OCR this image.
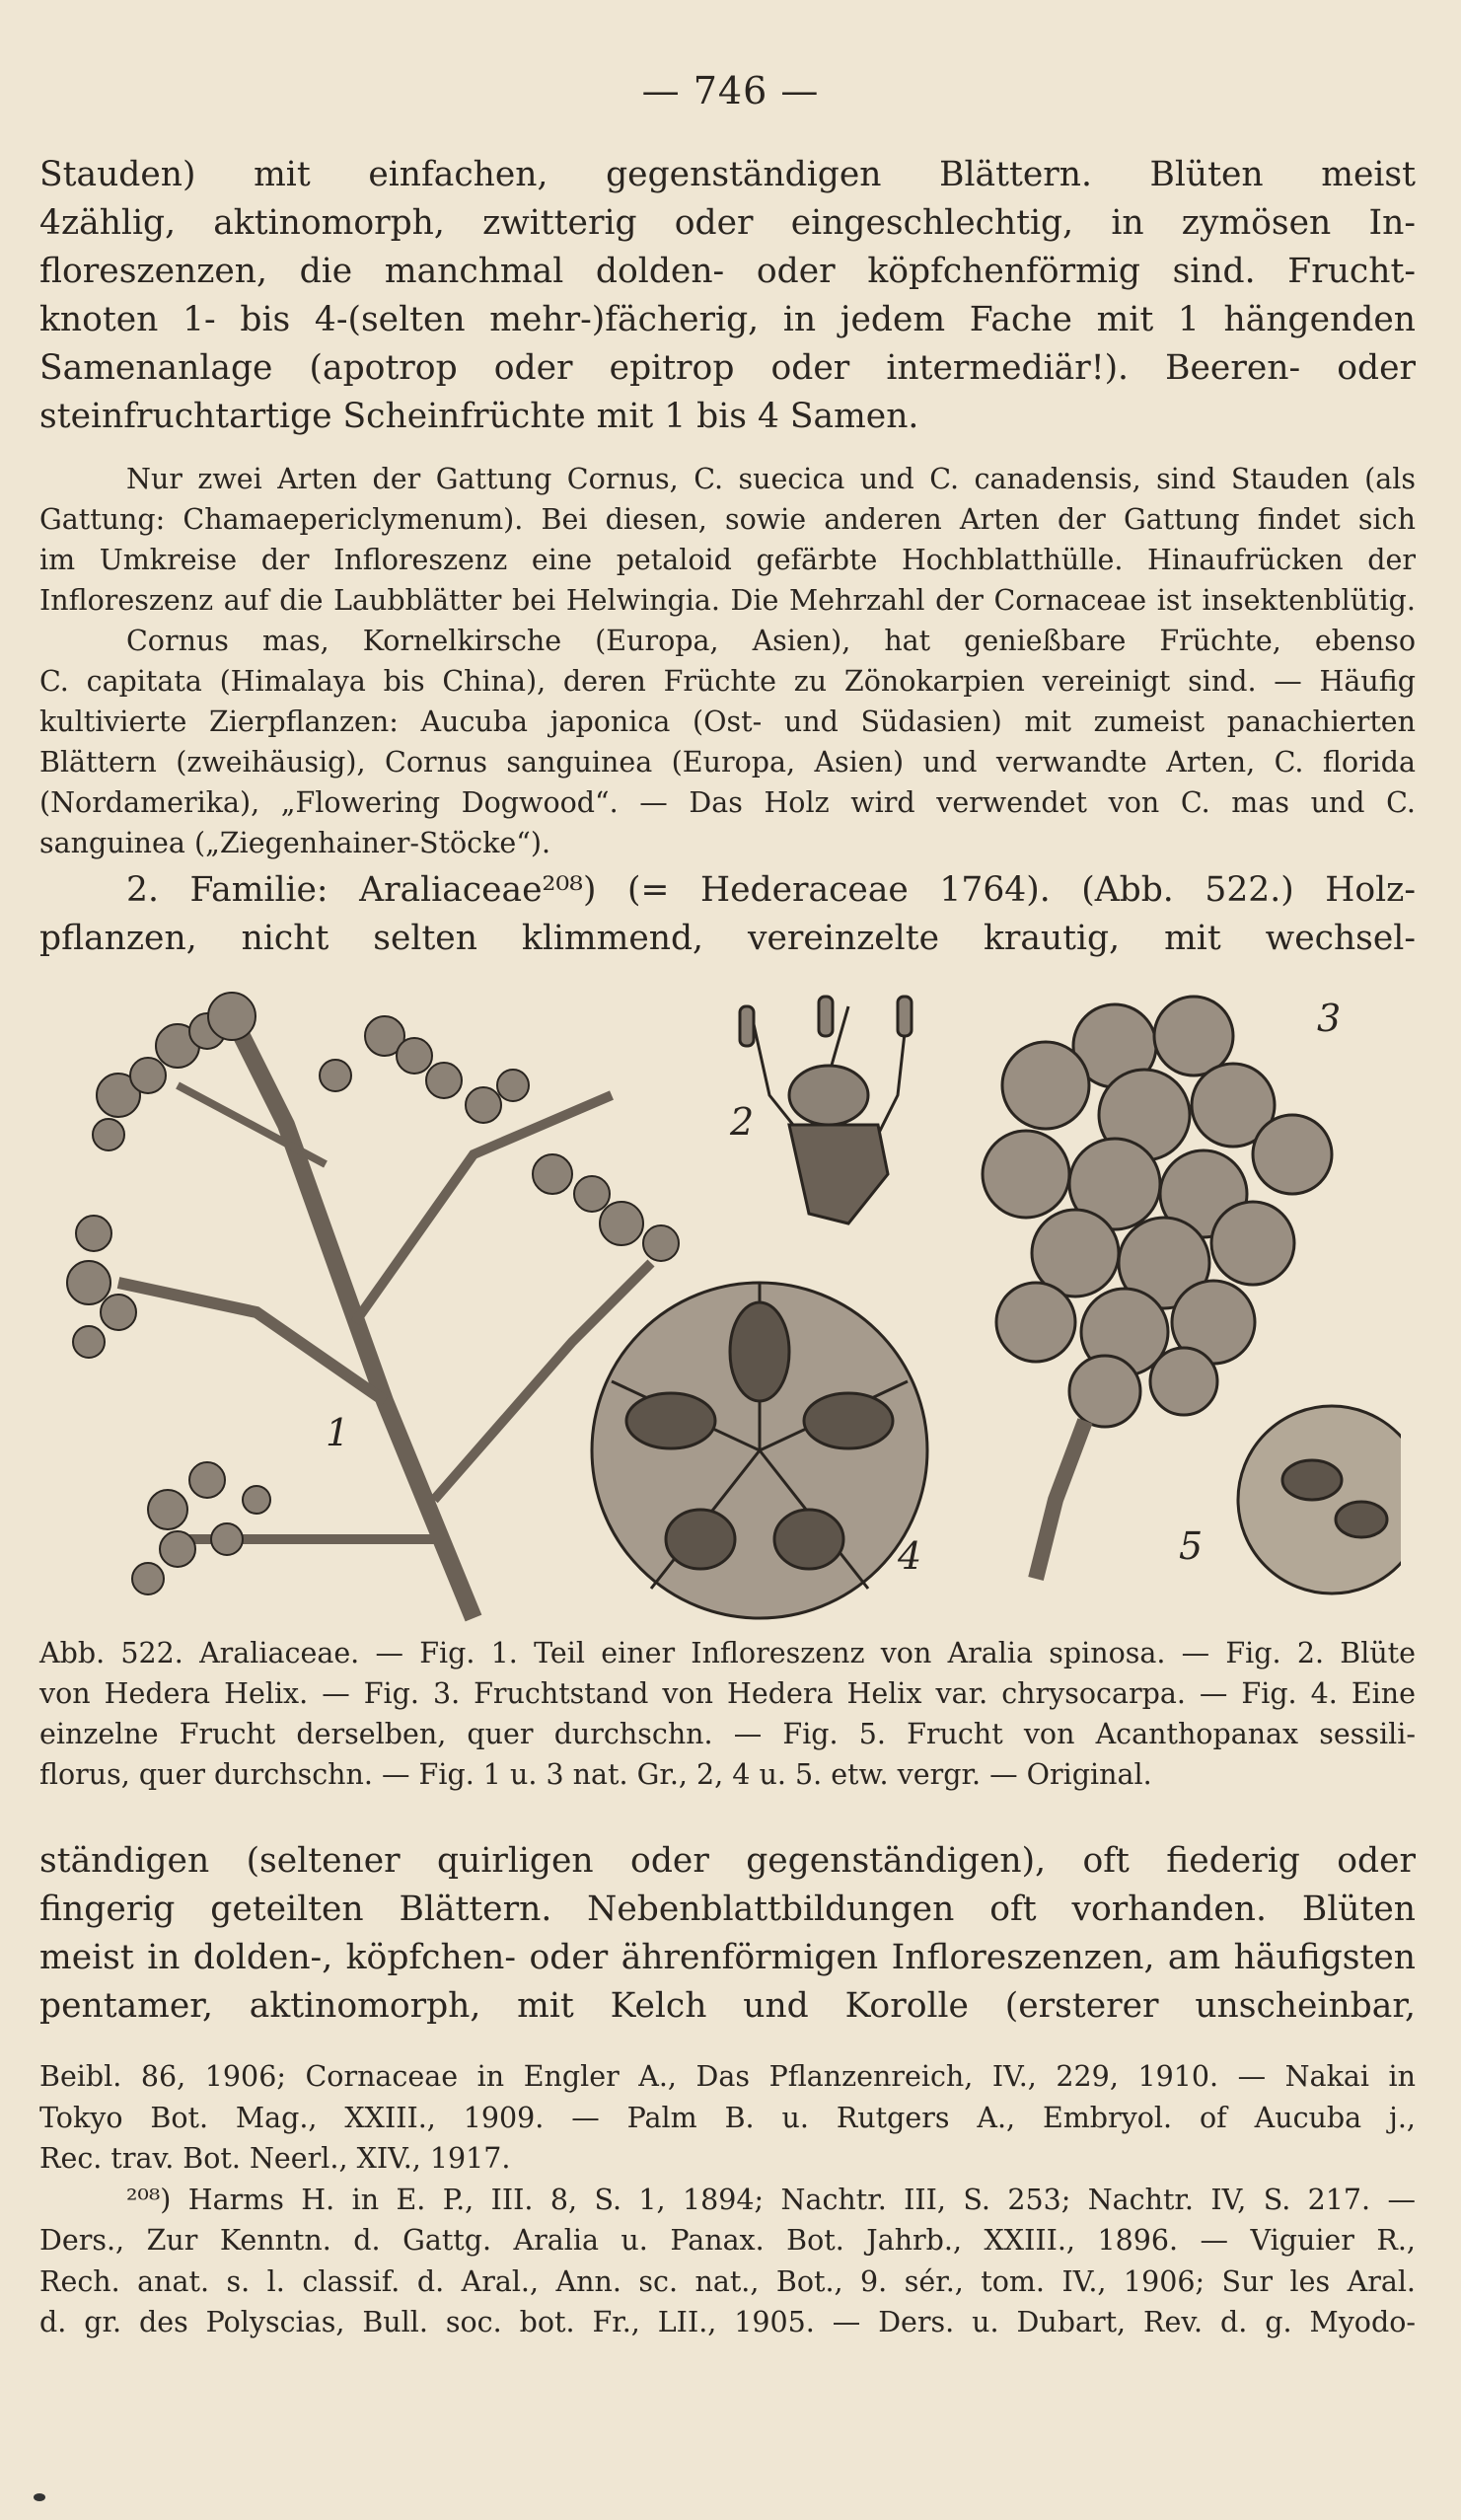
— 746 —
Stauden) mit einfachen, gegenständigen Blättern. Blüten meist
4zählig, aktinomorph, zwitterig oder eingeschlechtig, in zymösen In-
floreszenzen, die manchmal dolden- oder köpfchenförmig sind. Frucht-
knoten 1- bis 4-(selten mehr-)fächerig, in jedem Fache mit 1 hängenden
Samenanlage (apotrop oder epitrop oder intermediär!). Beeren- oder
steinfruchtartige Scheinfrüchte mit 1 bis 4 Samen.
Nur zwei Arten der Gattung Cornus, C. suecica und C. canadensis, sind Stauden (als
Gattung: Chamaepericlymenum). Bei diesen, sowie anderen Arten der Gattung findet sich
im Umkreise der Infloreszenz eine petaloid gefärbte Hochblatthülle. Hinaufrücken der
Infloreszenz auf die Laubblätter bei Helwingia. Die Mehrzahl der Cornaceae ist insektenblütig.
Cornus mas, Kornelkirsche (Europa, Asien), hat genießbare Früchte, ebenso
C. capitata (Himalaya bis China), deren Früchte zu Zönokarpien vereinigt sind. — Häufig
kultivierte Zierpflanzen: Aucuba japonica (Ost- und Südasien) mit zumeist panachierten
Blättern (zweihäusig), Cornus sanguinea (Europa, Asien) und verwandte Arten, C. florida
(Nordamerika), „Flowering Dogwood“. — Das Holz wird verwendet von C. mas und C.
sanguinea („Ziegenhainer-Stöcke“).
2. Familie: Araliaceae²⁰⁸) (= Hederaceae 1764). (Abb. 522.) Holz-
pflanzen, nicht selten klimmend, vereinzelte krautig, mit wechsel-
1
2
3
4	5
Abb. 522. Araliaceae. — Fig. 1. Teil einer Infloreszenz von Aralia spinosa. — Fig. 2. Blüte
von Hedera Helix. — Fig. 3. Fruchtstand von Hedera Helix var. chrysocarpa. — Fig. 4. Eine
einzelne Frucht derselben, quer durchschn. — Fig. 5. Frucht von Acanthopanax sessili-
florus, quer durchschn. — Fig. 1 u. 3 nat. Gr., 2, 4 u. 5. etw. vergr. — Original.
ständigen (seltener quirligen oder gegenständigen), oft fiederig oder
fingerig geteilten Blättern. Nebenblattbildungen oft vorhanden. Blüten
meist in dolden-, köpfchen- oder ährenförmigen Infloreszenzen, am häufigsten
pentamer, aktinomorph, mit Kelch und Korolle (ersterer unscheinbar,
Beibl. 86, 1906; Cornaceae in Engler A., Das Pflanzenreich, IV., 229, 1910. — Nakai in
Tokyo Bot. Mag., XXIII., 1909. — Palm B. u. Rutgers A., Embryol. of Aucuba j.,
Rec. trav. Bot. Neerl., XIV., 1917.
²⁰⁸) Harms H. in E. P., III. 8, S. 1, 1894; Nachtr. III, S. 253; Nachtr. IV, S. 217. —
Ders., Zur Kenntn. d. Gattg. Aralia u. Panax. Bot. Jahrb., XXIII., 1896. — Viguier R.,
Rech. anat. s. l. classif. d. Aral., Ann. sc. nat., Bot., 9. sér., tom. IV., 1906; Sur les Aral.
d. gr. des Polyscias, Bull. soc. bot. Fr., LII., 1905. — Ders. u. Dubart, Rev. d. g. Myodo-
